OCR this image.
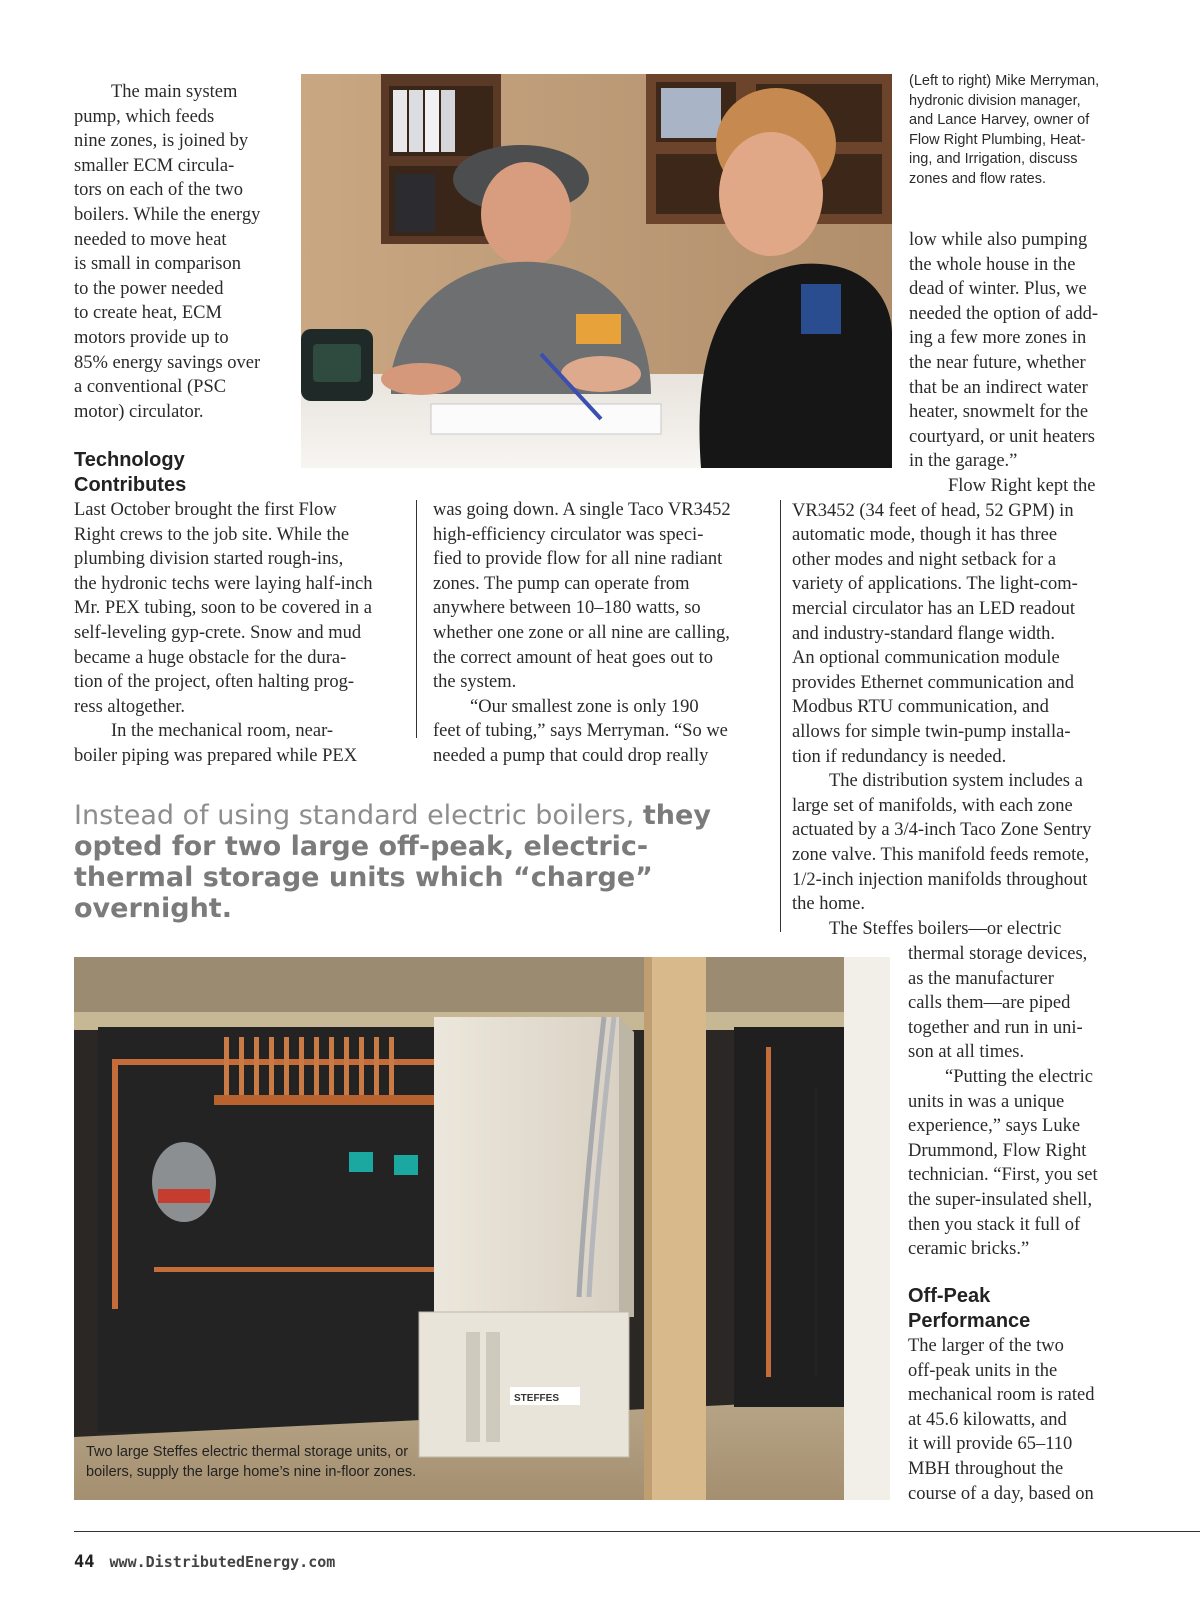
The main system

pump, which feeds

nine zones, is joined by

smaller ECM circula-

tors on each of the two

boilers. While the energy

needed to move heat

is small in comparison

to the power needed

to create heat, ECM

motors provide up to

85% energy savings over

a conventional (PSC

motor) circulator.

Technology
Contributes
(Left to right) Mike Merryman,
hydronic division manager,
and Lance Harvey, owner of
Flow Right Plumbing, Heat-
ing, and Irrigation, discuss
zones and flow rates.

low while also pumping

the whole house in the

dead of winter. Plus, we

needed the option of add-

ing a few more zones in

the near future, whether

that be an indirect water

heater, snowmelt for the

courtyard, or unit heaters

in the garage.”

Last October brought the first Flow

Right crews to the job site. While the

plumbing division started rough-ins,

the hydronic techs were laying half-inch

Mr. PEX tubing, soon to be covered in a

self-leveling gyp-crete. Snow and mud

became a huge obstacle for the dura-

tion of the project, often halting prog-

ress altogether.

In the mechanical room, near-

boiler piping was prepared while PEX

was going down. A single Taco VR3452

high-efficiency circulator was speci-

fied to provide flow for all nine radiant

zones. The pump can operate from

anywhere between 10–180 watts, so

whether one zone or all nine are calling,

the correct amount of heat goes out to

the system.

“Our smallest zone is only 190

feet of tubing,” says Merryman. “So we

needed a pump that could drop really

Flow Right kept the

VR3452 (34 feet of head, 52 GPM) in

automatic mode, though it has three

other modes and night setback for a

variety of applications. The light-com-

mercial circulator has an LED readout

and industry-standard flange width.

An optional communication module

provides Ethernet communication and

Modbus RTU communication, and

allows for simple twin-pump installa-

tion if redundancy is needed.

The distribution system includes a

large set of manifolds, with each zone

actuated by a 3/4-inch Taco Zone Sentry

zone valve. This manifold feeds remote,

1/2-inch injection manifolds throughout

the home.

The Steffes boilers—or electric

thermal storage devices,

as the manufacturer

calls them—are piped

together and run in uni-

son at all times.

“Putting the electric

units in was a unique

experience,” says Luke

Drummond, Flow Right

technician. “First, you set

the super-insulated shell,

then you stack it full of

ceramic bricks.”

Off-Peak
Performance

The larger of the two

off-peak units in the

mechanical room is rated

at 45.6 kilowatts, and

it will provide 65–110

MBH throughout the

course of a day, based on

Instead of using standard electric boilers, they opted for two large off-peak, electric-thermal storage units which “charge” overnight.
STEFFES
Two large Steffes electric thermal storage units, or
boilers, supply the large home’s nine in-floor zones.
44 www.DistributedEnergy.com
